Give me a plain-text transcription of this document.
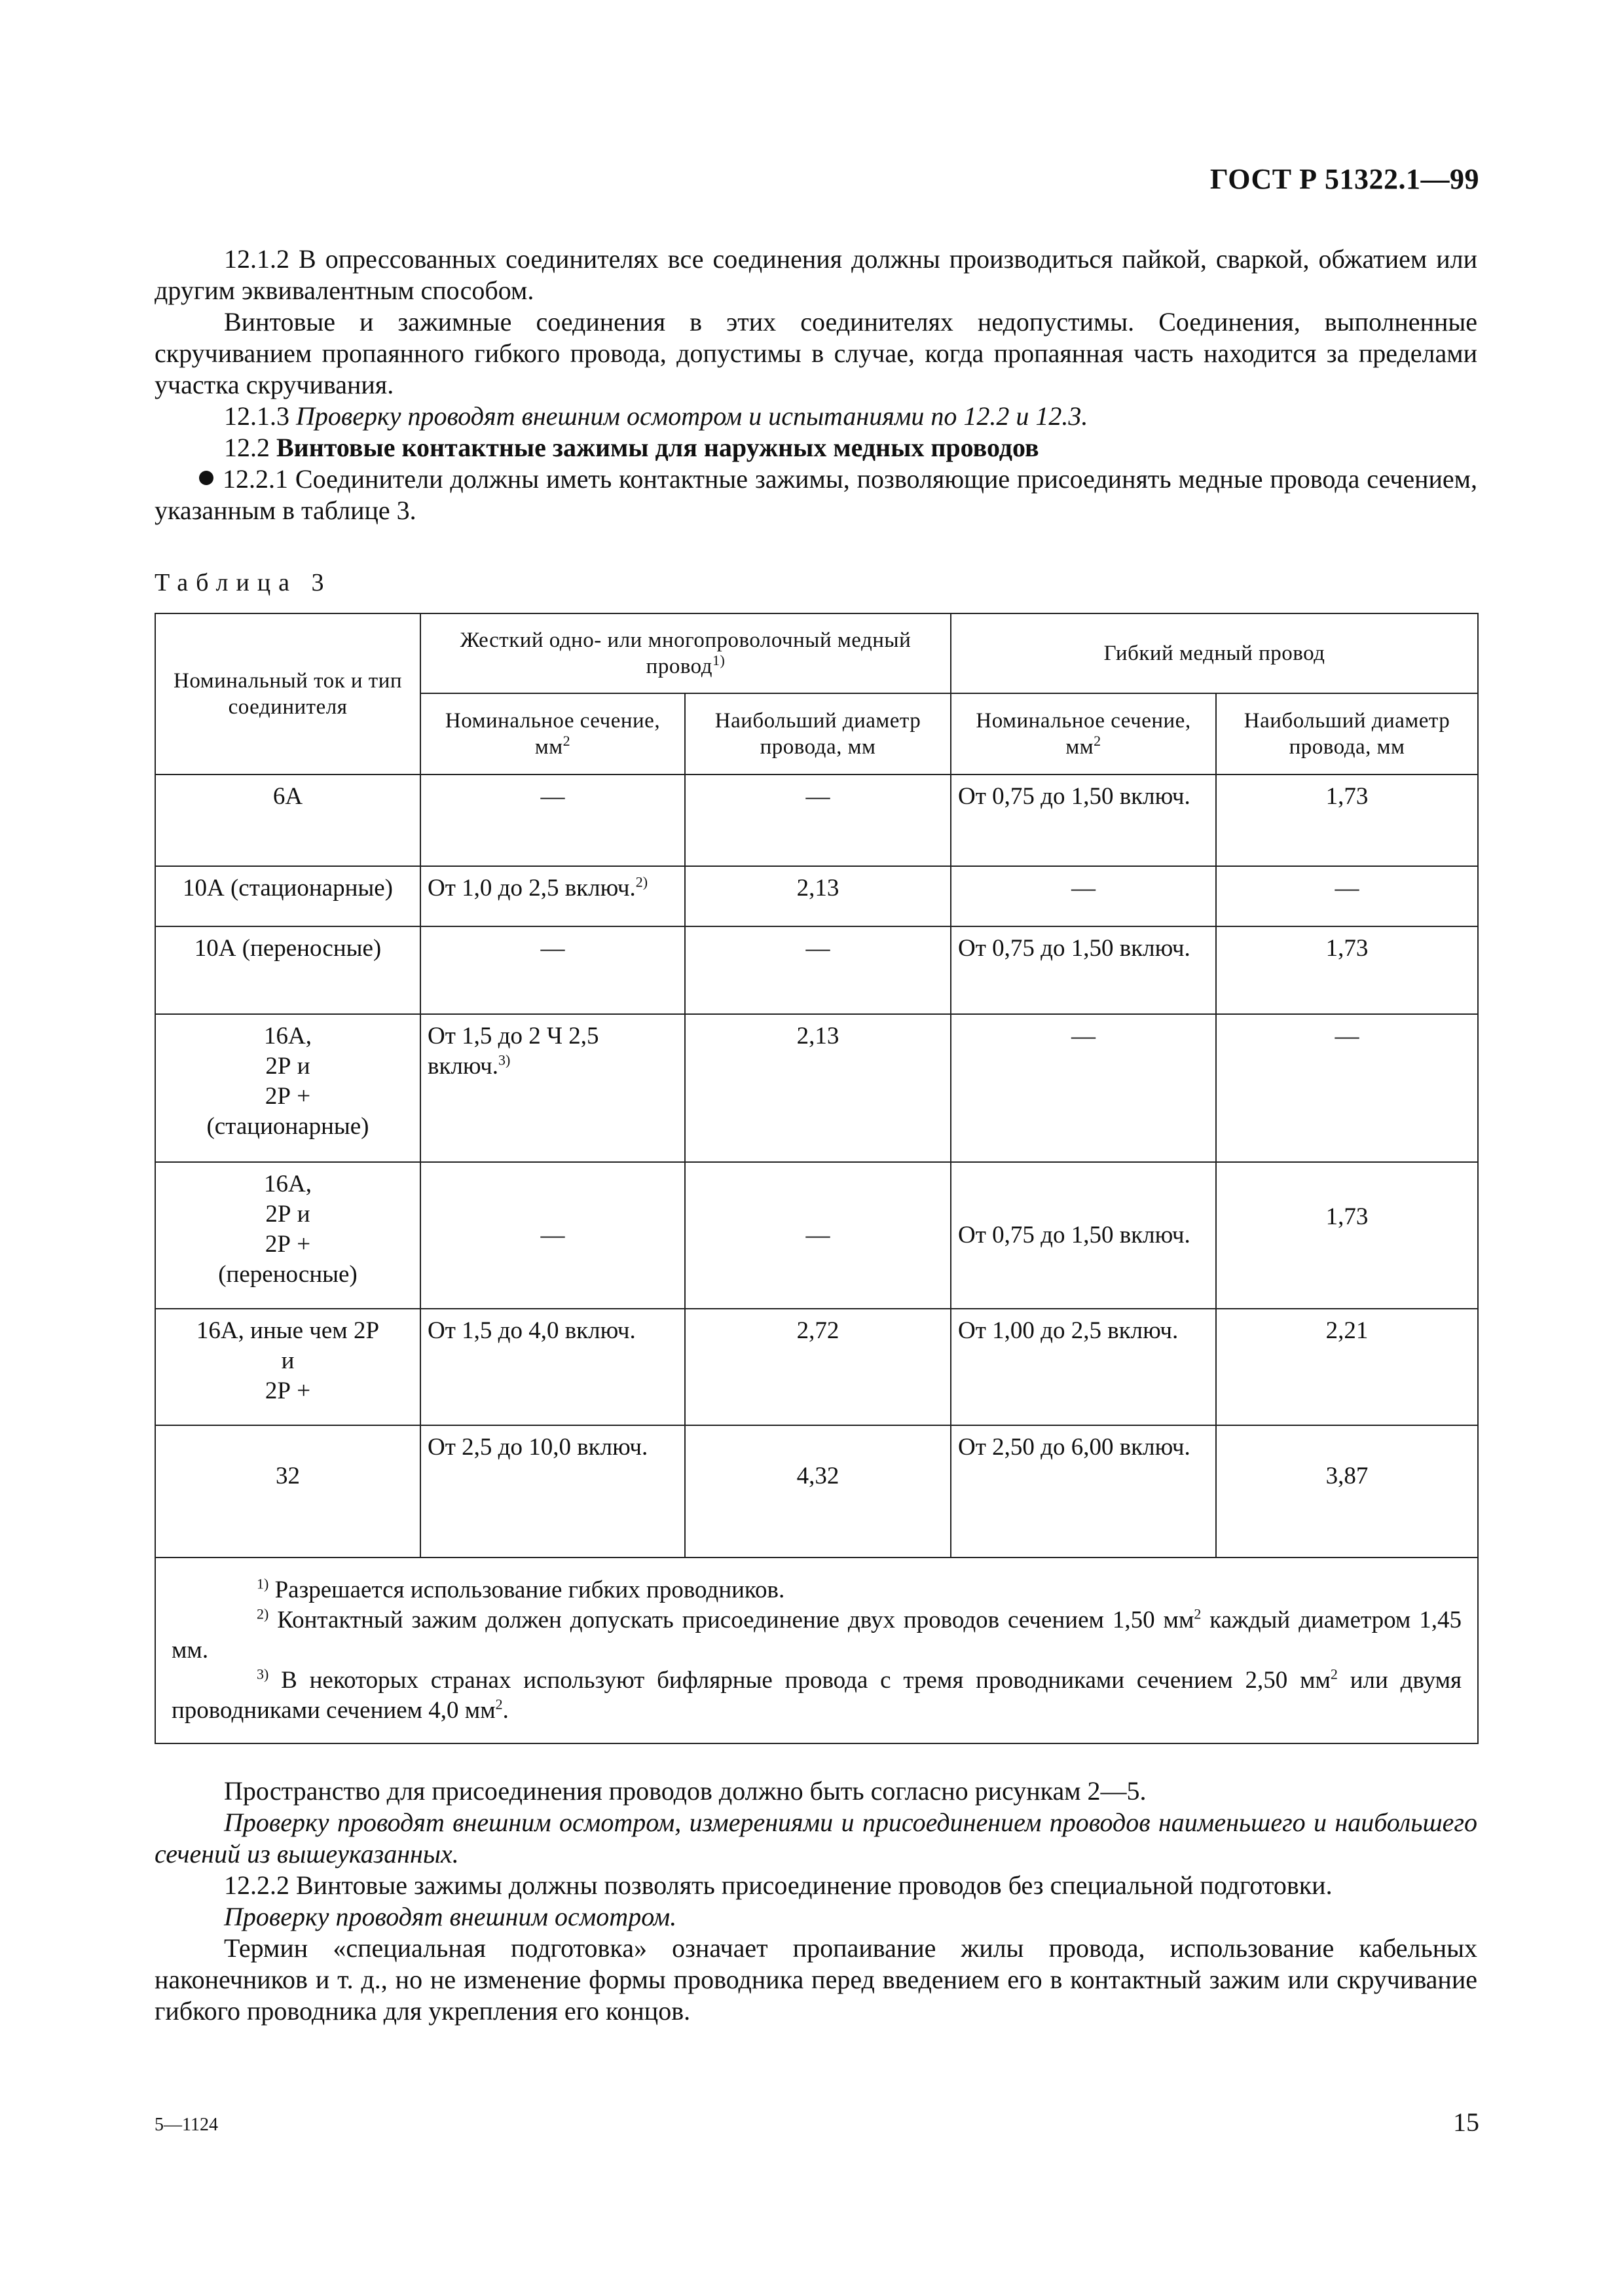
ГОСТ Р 51322.1—99

12.1.2 В опрессованных соединителях все соединения должны производиться пайкой, сваркой, обжатием или другим эквивалентным способом.

Винтовые и зажимные соединения в этих соединителях недопустимы. Соединения, выполненные скручиванием пропаянного гибкого провода, допустимы в случае, когда пропаянная часть находится за пределами участка скручивания.

12.1.3 Проверку проводят внешним осмотром и испытаниями по 12.2 и 12.3.

12.2 Винтовые контактные зажимы для наружных медных проводов

12.2.1 Соединители должны иметь контактные зажимы, позволяющие присоединять медные провода сечением, указанным в таблице 3.

Таблица 3
Номинальный ток и тип соединителя	Жесткий одно- или многопроволочный медный провод$^{1)}$		Гибкий медный провод	
	Номинальное сечение, $мм^2$	Наибольший диаметр провода, мм	Номинальное сечение, $мм^2$	Наибольший диаметр провода, мм
6А	—	—	От 0,75 до 1,50 включ.	1,73
10А (стационарные)	От 1,0 до 2,5 включ.$^{2)}$	2,13	—	—
10А (переносные)	—	—	От 0,75 до 1,50 включ.	1,73

16А,
2Р и
2Р +
(стационарные)	От 1,5 до 2 Ч 2,5 включ.$^{3)}$	2,13	—	—

16А,
2Р и
2Р +
(переносные)	—	—	От 0,75 до 1,50 включ.	1,73

16А, иные чем 2Р
и
2Р +	От 1,5 до 4,0 включ.	2,72	От 1,00 до 2,5 включ.	2,21
32	От 2,5 до 10,0 включ.	4,32	От 2,50 до 6,00 включ.	3,87

$^{1)}$ Разрешается использование гибких проводников.

$^{2)}$ Контактный зажим должен допускать присоединение двух проводов сечением 1,50 $мм^2$ каждый диаметром 1,45 мм.

$^{3)}$ В некоторых странах используют бифлярные провода с тремя проводниками сечением 2,50 $мм^2$ или двумя проводниками сечением 4,0 $мм^2$.				

Пространство для присоединения проводов должно быть согласно рисункам 2—5.

Проверку проводят внешним осмотром, измерениями и присоединением проводов наименьшего и наибольшего сечений из вышеуказанных.

12.2.2 Винтовые зажимы должны позволять присоединение проводов без специальной подготовки.

Проверку проводят внешним осмотром.

Термин «специальная подготовка» означает пропаивание жилы провода, использование кабельных наконечников и т. д., но не изменение формы проводника перед введением его в контактный зажим или скручивание гибкого проводника для укрепления его концов.

5—1124	15
